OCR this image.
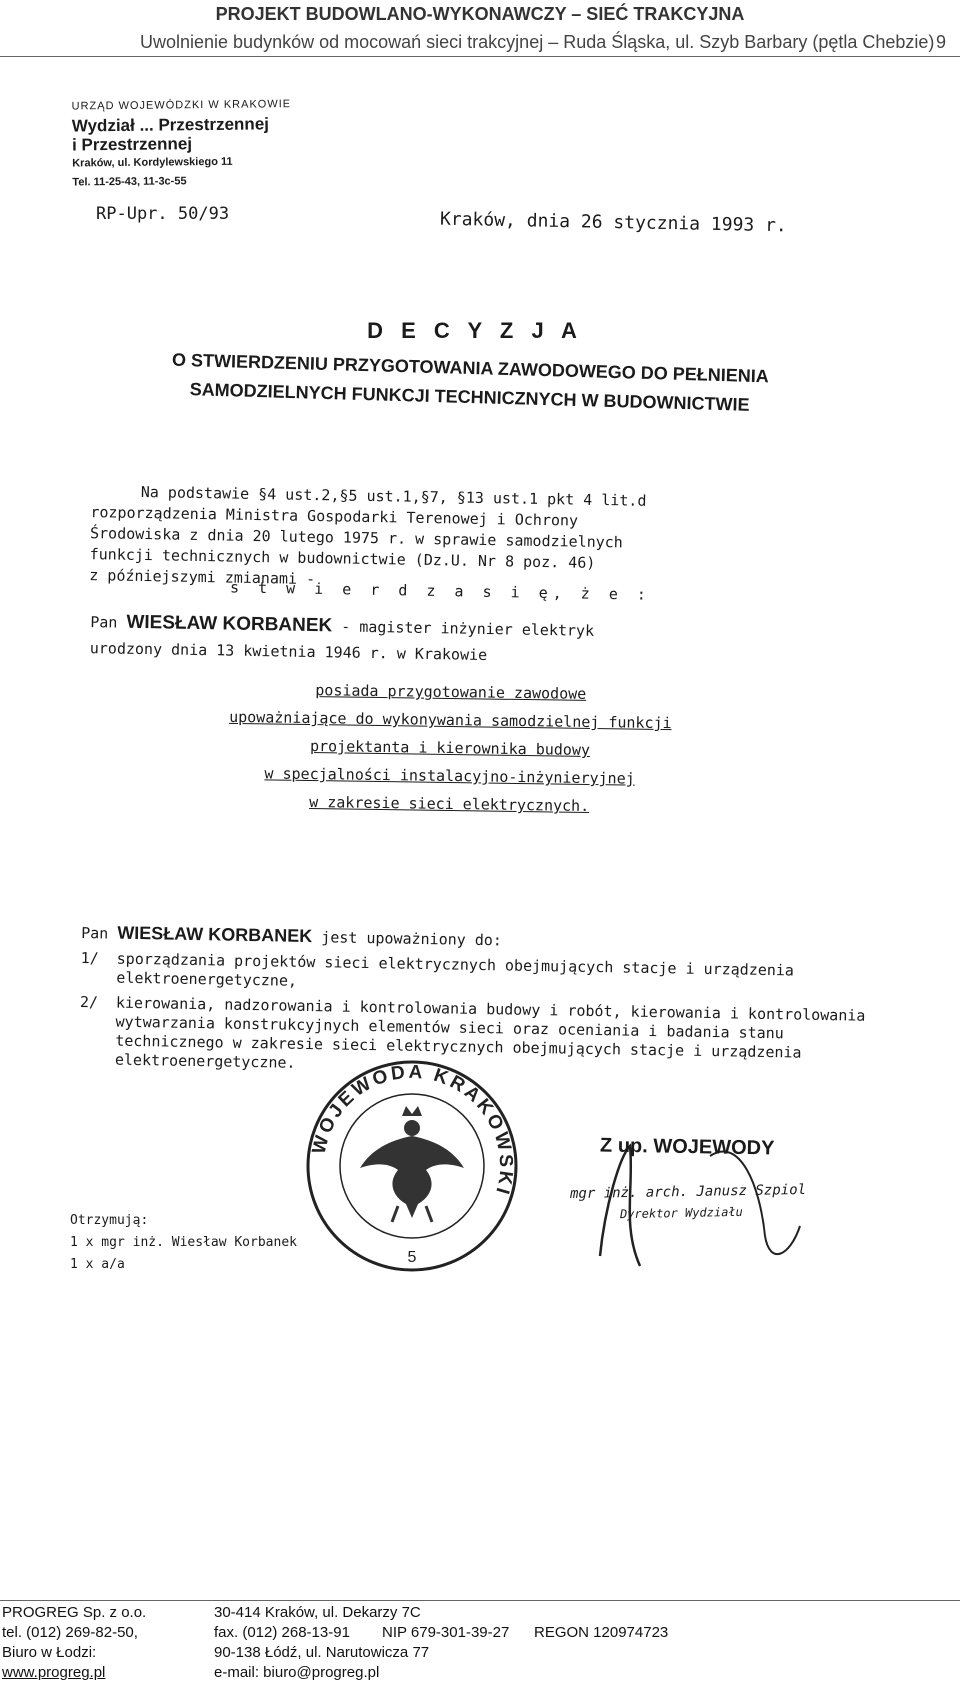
PROJEKT BUDOWLANO-WYKONAWCZY – SIEĆ TRAKCYJNA
Uwolnienie budynków od mocowań sieci trakcyjnej – Ruda Śląska, ul. Szyb Barbary (pętla Chebzie) 9
URZĄD WOJEWÓDZKI W KRAKOWIE
Wydział ... Przestrzennej
i Przestrzennej
Kraków, ul. Kordylewskiego 11
Tel. 11-25-43, 11-3c-55
RP-Upr. 50/93	Kraków, dnia 26 stycznia 1993 r.
D E C Y Z J A
O STWIERDZENIU PRZYGOTOWANIA ZAWODOWEGO DO PEŁNIENIA SAMODZIELNYCH FUNKCJI TECHNICZNYCH W BUDOWNICTWIE

Na podstawie §4 ust.2,§5 ust.1,§7, §13 ust.1 pkt 4 lit.d

rozporządzenia Ministra Gospodarki Terenowej i Ochrony

Środowiska z dnia 20 lutego 1975 r. w sprawie samodzielnych

funkcji technicznych w budownictwie (Dz.U. Nr 8 poz. 46)

z późniejszymi zmianami -

s t w i e r d z a s i ę, ż e :
Pan WIESŁAW KORBANEK - magister inżynier elektryk
urodzony dnia 13 kwietnia 1946 r. w Krakowie
posiada przygotowanie zawodowe
upoważniające do wykonywania samodzielnej funkcji
projektanta i kierownika budowy
w specjalności instalacyjno-inżynieryjnej
w zakresie sieci elektrycznych.

Pan WIESŁAW KORBANEK jest upoważniony do:

1/	sporządzania projektów sieci elektrycznych obejmujących stacje i urządzenia elektroenergetyczne,
2/	kierowania, nadzorowania i kontrolowania budowy i robót, kierowania i kontrolowania wytwarzania konstrukcyjnych elementów sieci oraz oceniania i badania stanu technicznego w zakresie sieci elektrycznych obejmujących stacje i urządzenia elektroenergetyczne.
WOJEWODA KRAKOWSKI
5
Z up. WOJEWODY
mgr inż. arch. Janusz Szpiol
Dyrektor Wydziału

Otrzymują:

1 x mgr inż. Wiesław Korbanek

1 x a/a

PROGREG Sp. z o.o.	30-414 Kraków, ul. Dekarzy 7C
tel. (012) 269-82-50,	fax. (012) 268-13-91 NIP 679-301-39-27 REGON 120974723
Biuro w Łodzi:	90-138 Łódź, ul. Narutowicza 77
www.progreg.pl	e-mail: biuro@progreg.pl
